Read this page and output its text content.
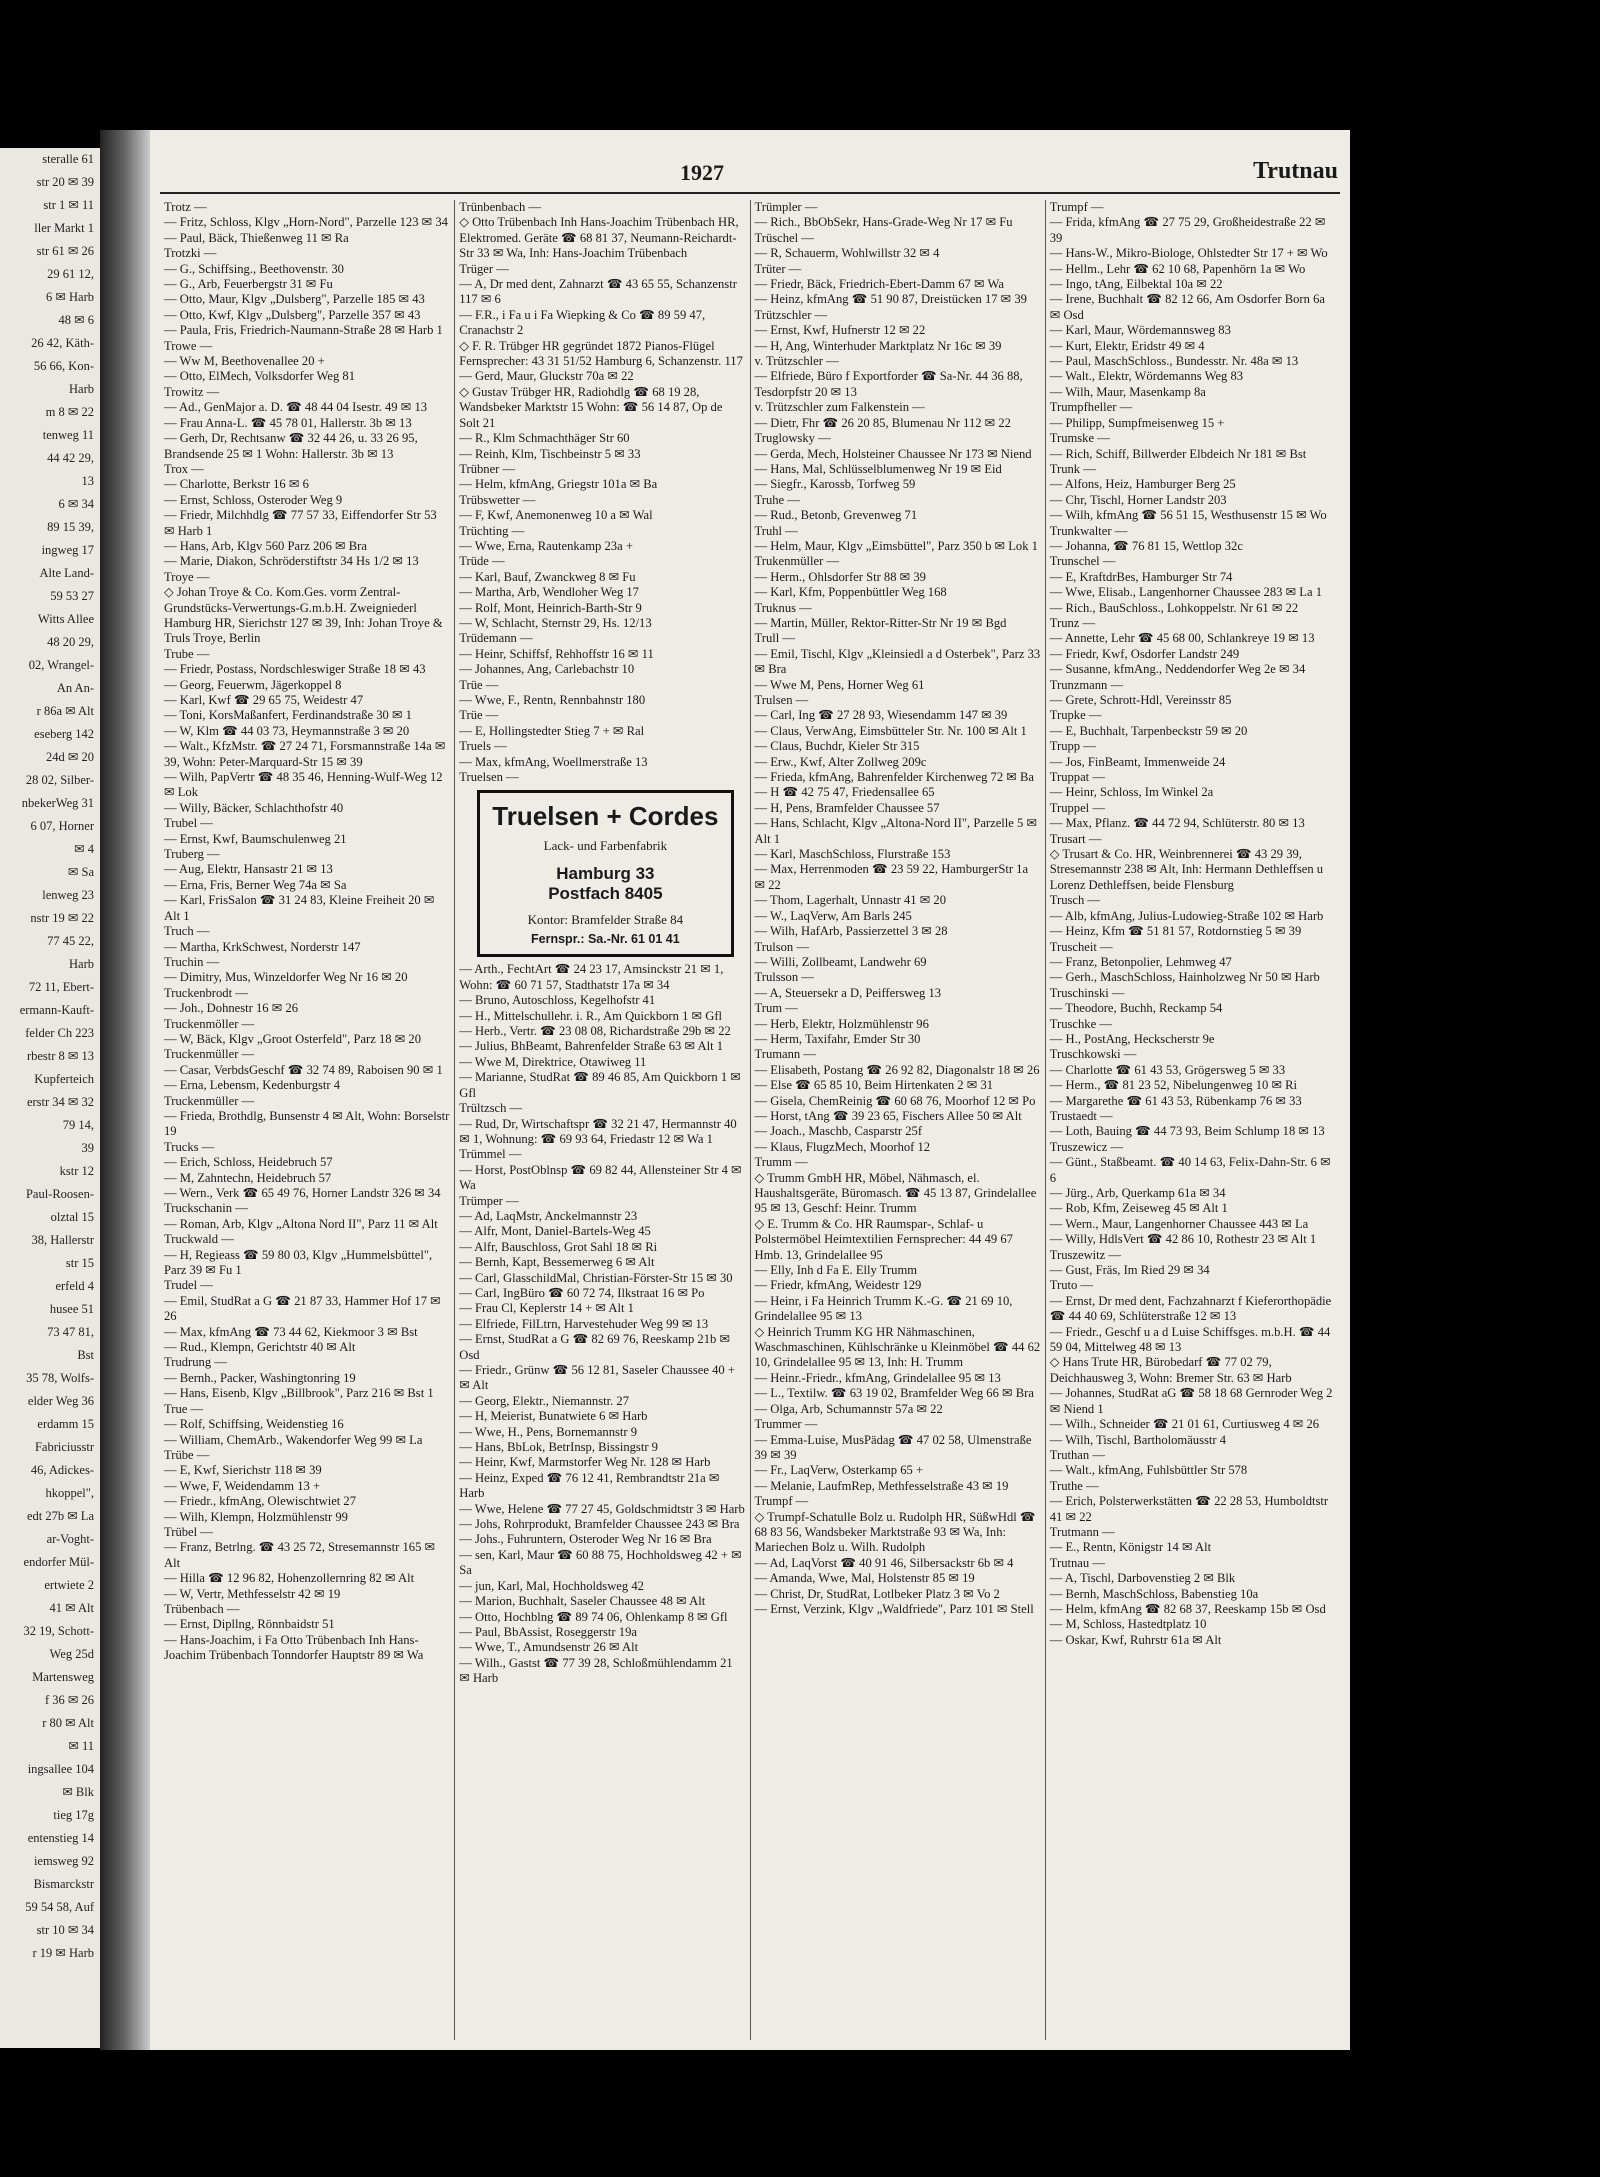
steralle 61
str 20 ✉ 39
str 1 ✉ 11
ller Markt 1
str 61 ✉ 26
29 61 12,
6 ✉ Harb
48 ✉ 6
26 42, Käth-
56 66, Kon-
Harb
m 8 ✉ 22
tenweg 11
44 42 29,
13
6 ✉ 34
89 15 39,
ingweg 17
Alte Land-
59 53 27
Witts Allee
48 20 29,
02, Wrangel-
An An-
r 86a ✉ Alt
eseberg 142
24d ✉ 20
28 02, Silber-
nbekerWeg 31
6 07, Horner
✉ 4
✉ Sa
lenweg 23
nstr 19 ✉ 22
77 45 22,
Harb
72 11, Ebert-
ermann-Kauft-
felder Ch 223
rbestr 8 ✉ 13
Kupferteich
erstr 34 ✉ 32
79 14,
39
kstr 12
Paul-Roosen-
olztal 15
38, Hallerstr
str 15
erfeld 4
husee 51
73 47 81,
Bst
35 78, Wolfs-
elder Weg 36
erdamm 15
Fabriciusstr
46, Adickes-
hkoppel",
edt 27b ✉ La
ar-Voght-
endorfer Mül-
ertwiete 2
41 ✉ Alt
32 19, Schott-
Weg 25d
Martensweg
f 36 ✉ 26
r 80 ✉ Alt
✉ 11
ingsallee 104
✉ Blk
tieg 17g
entenstieg 14
iemsweg 92
Bismarckstr
59 54 58, Auf
str 10 ✉ 34
r 19 ✉ Harb
1927	Trutnau

Trotz —

— Fritz, Schloss, Klgv „Horn-Nord", Parzelle 123 ✉ 34

— Paul, Bäck, Thießenweg 11 ✉ Ra

Trotzki —

— G., Schiffsing., Beethovenstr. 30

— G., Arb, Feuerbergstr 31 ✉ Fu

— Otto, Maur, Klgv „Dulsberg", Parzelle 185 ✉ 43

— Otto, Kwf, Klgv „Dulsberg", Parzelle 357 ✉ 43

— Paula, Fris, Friedrich-Naumann-Straße 28 ✉ Harb 1

Trowe —

— Ww M, Beethovenallee 20 +

— Otto, ElMech, Volksdorfer Weg 81

Trowitz —

— Ad., GenMajor a. D. ☎ 48 44 04 Isestr. 49 ✉ 13

— Frau Anna-L. ☎ 45 78 01, Hallerstr. 3b ✉ 13

— Gerh, Dr, Rechtsanw ☎ 32 44 26, u. 33 26 95, Brandsende 25 ✉ 1 Wohn: Hallerstr. 3b ✉ 13

Trox —

— Charlotte, Berkstr 16 ✉ 6

— Ernst, Schloss, Osteroder Weg 9

— Friedr, Milchhdlg ☎ 77 57 33, Eiffendorfer Str 53 ✉ Harb 1

— Hans, Arb, Klgv 560 Parz 206 ✉ Bra

— Marie, Diakon, Schröderstiftstr 34 Hs 1/2 ✉ 13

Troye —

◇ Johan Troye & Co. Kom.Ges. vorm Zentral-Grundstücks-Verwertungs-G.m.b.H. Zweigniederl Hamburg HR, Sierichstr 127 ✉ 39, Inh: Johan Troye & Truls Troye, Berlin

Trube —

— Friedr, Postass, Nordschleswiger Straße 18 ✉ 43

— Georg, Feuerwm, Jägerkoppel 8

— Karl, Kwf ☎ 29 65 75, Weidestr 47

— Toni, KorsMaßanfert, Ferdinandstraße 30 ✉ 1

— W, Klm ☎ 44 03 73, Heymannstraße 3 ✉ 20

— Walt., KfzMstr. ☎ 27 24 71, Forsmannstraße 14a ✉ 39, Wohn: Peter-Marquard-Str 15 ✉ 39

— Wilh, PapVertr ☎ 48 35 46, Henning-Wulf-Weg 12 ✉ Lok

— Willy, Bäcker, Schlachthofstr 40

Trubel —

— Ernst, Kwf, Baumschulenweg 21

Truberg —

— Aug, Elektr, Hansastr 21 ✉ 13

— Erna, Fris, Berner Weg 74a ✉ Sa

— Karl, FrisSalon ☎ 31 24 83, Kleine Freiheit 20 ✉ Alt 1

Truch —

— Martha, KrkSchwest, Norderstr 147

Truchin —

— Dimitry, Mus, Winzeldorfer Weg Nr 16 ✉ 20

Truckenbrodt —

— Joh., Dohnestr 16 ✉ 26

Truckenmöller —

— W, Bäck, Klgv „Groot Osterfeld", Parz 18 ✉ 20

Truckenmüller —

— Casar, VerbdsGeschf ☎ 32 74 89, Raboisen 90 ✉ 1

— Erna, Lebensm, Kedenburgstr 4

Truckenmüller —

— Frieda, Brothdlg, Bunsenstr 4 ✉ Alt, Wohn: Borselstr 19

Trucks —

— Erich, Schloss, Heidebruch 57

— M, Zahntechn, Heidebruch 57

— Wern., Verk ☎ 65 49 76, Horner Landstr 326 ✉ 34

Truckschanin —

— Roman, Arb, Klgv „Altona Nord II", Parz 11 ✉ Alt

Truckwald —

— H, Regieass ☎ 59 80 03, Klgv „Hummelsbüttel", Parz 39 ✉ Fu 1

Trudel —

— Emil, StudRat a G ☎ 21 87 33, Hammer Hof 17 ✉ 26

— Max, kfmAng ☎ 73 44 62, Kiekmoor 3 ✉ Bst

— Rud., Klempn, Gerichtstr 40 ✉ Alt

Trudrung —

— Bernh., Packer, Washingtonring 19

— Hans, Eisenb, Klgv „Billbrook", Parz 216 ✉ Bst 1

True —

— Rolf, Schiffsing, Weidenstieg 16

— William, ChemArb., Wakendorfer Weg 99 ✉ La

Trübe —

— E, Kwf, Sierichstr 118 ✉ 39

— Wwe, F, Weidendamm 13 +

— Friedr., kfmAng, Olewischtwiet 27

— Wilh, Klempn, Holzmühlenstr 99

Trübel —

— Franz, Betrlng. ☎ 43 25 72, Stresemannstr 165 ✉ Alt

— Hilla ☎ 12 96 82, Hohenzollernring 82 ✉ Alt

— W, Vertr, Methfesselstr 42 ✉ 19

Trübenbach —

— Ernst, Dipllng, Rönnbaidstr 51

— Hans-Joachim, i Fa Otto Trübenbach Inh Hans-Joachim Trübenbach Tonndorfer Hauptstr 89 ✉ Wa

Trünbenbach —

◇ Otto Trübenbach Inh Hans-Joachim Trübenbach HR, Elektromed. Geräte ☎ 68 81 37, Neumann-Reichardt-Str 33 ✉ Wa, Inh: Hans-Joachim Trübenbach

Trüger —

— A, Dr med dent, Zahnarzt ☎ 43 65 55, Schanzenstr 117 ✉ 6

— F.R., i Fa u i Fa Wiepking & Co ☎ 89 59 47, Cranachstr 2

◇ F. R. Trübger HR gegründet 1872 Pianos-Flügel Fernsprecher: 43 31 51/52 Hamburg 6, Schanzenstr. 117

— Gerd, Maur, Gluckstr 70a ✉ 22

◇ Gustav Trübger HR, Radiohdlg ☎ 68 19 28, Wandsbeker Marktstr 15 Wohn: ☎ 56 14 87, Op de Solt 21

— R., Klm Schmachthäger Str 60

— Reinh, Klm, Tischbeinstr 5 ✉ 33

Trübner —

— Helm, kfmAng, Griegstr 101a ✉ Ba

Trübswetter —

— F, Kwf, Anemonenweg 10 a ✉ Wal

Trüchting —

— Wwe, Erna, Rautenkamp 23a +

Trüde —

— Karl, Bauf, Zwanckweg 8 ✉ Fu

— Martha, Arb, Wendloher Weg 17

— Rolf, Mont, Heinrich-Barth-Str 9

— W, Schlacht, Sternstr 29, Hs. 12/13

Trüdemann —

— Heinr, Schiffsf, Rehhoffstr 16 ✉ 11

— Johannes, Ang, Carlebachstr 10

Trüe —

— Wwe, F., Rentn, Rennbahnstr 180

Trüe —

— E, Hollingstedter Stieg 7 + ✉ Ral

Truels —

— Max, kfmAng, Woellmerstraße 13

Truelsen —

Truelsen + Cordes
Lack- und Farbenfabrik
Hamburg 33
Postfach 8405
Kontor: Bramfelder Straße 84
Fernspr.: Sa.-Nr. 61 01 41

— Arth., FechtArt ☎ 24 23 17, Amsinckstr 21 ✉ 1, Wohn: ☎ 60 71 57, Stadthatstr 17a ✉ 34

— Bruno, Autoschloss, Kegelhofstr 41

— H., Mittelschullehr. i. R., Am Quickborn 1 ✉ Gfl

— Herb., Vertr. ☎ 23 08 08, Richardstraße 29b ✉ 22

— Julius, BhBeamt, Bahrenfelder Straße 63 ✉ Alt 1

— Wwe M, Direktrice, Otawiweg 11

— Marianne, StudRat ☎ 89 46 85, Am Quickborn 1 ✉ Gfl

Trültzsch —

— Rud, Dr, Wirtschaftspr ☎ 32 21 47, Hermannstr 40 ✉ 1, Wohnung: ☎ 69 93 64, Friedastr 12 ✉ Wa 1

Trümmel —

— Horst, PostOblnsp ☎ 69 82 44, Allensteiner Str 4 ✉ Wa

Trümper —

— Ad, LaqMstr, Anckelmannstr 23

— Alfr, Mont, Daniel-Bartels-Weg 45

— Alfr, Bauschloss, Grot Sahl 18 ✉ Ri

— Bernh, Kapt, Bessemerweg 6 ✉ Alt

— Carl, GlasschildMal, Christian-Förster-Str 15 ✉ 30

— Carl, IngBüro ☎ 60 72 74, Ilkstraat 16 ✉ Po

— Frau Cl, Keplerstr 14 + ✉ Alt 1

— Elfriede, FilLtrn, Harvestehuder Weg 99 ✉ 13

— Ernst, StudRat a G ☎ 82 69 76, Reeskamp 21b ✉ Osd

— Friedr., Grünw ☎ 56 12 81, Saseler Chaussee 40 + ✉ Alt

— Georg, Elektr., Niemannstr. 27

— H, Meierist, Bunatwiete 6 ✉ Harb

— Wwe, H., Pens, Bornemannstr 9

— Hans, BbLok, BetrInsp, Bissingstr 9

— Heinr, Kwf, Marmstorfer Weg Nr. 128 ✉ Harb

— Heinz, Exped ☎ 76 12 41, Rembrandtstr 21a ✉ Harb

— Wwe, Helene ☎ 77 27 45, Goldschmidtstr 3 ✉ Harb

— Johs, Rohrprodukt, Bramfelder Chaussee 243 ✉ Bra

— Johs., Fuhruntern, Osteroder Weg Nr 16 ✉ Bra

— sen, Karl, Maur ☎ 60 88 75, Hochholdsweg 42 + ✉ Sa

— jun, Karl, Mal, Hochholdsweg 42

— Marion, Buchhalt, Saseler Chaussee 48 ✉ Alt

— Otto, Hochblng ☎ 89 74 06, Ohlenkamp 8 ✉ Gfl

— Paul, BbAssist, Roseggerstr 19a

— Wwe, T., Amundsenstr 26 ✉ Alt

— Wilh., Gastst ☎ 77 39 28, Schloßmühlendamm 21 ✉ Harb

Trümpler —

— Rich., BbObSekr, Hans-Grade-Weg Nr 17 ✉ Fu

Trüschel —

— R, Schauerm, Wohlwillstr 32 ✉ 4

Trüter —

— Friedr, Bäck, Friedrich-Ebert-Damm 67 ✉ Wa

— Heinz, kfmAng ☎ 51 90 87, Dreistücken 17 ✉ 39

Trützschler —

— Ernst, Kwf, Hufnerstr 12 ✉ 22

— H, Ang, Winterhuder Marktplatz Nr 16c ✉ 39

v. Trützschler —

— Elfriede, Büro f Exportforder ☎ Sa-Nr. 44 36 88, Tesdorpfstr 20 ✉ 13

v. Trützschler zum Falkenstein —

— Dietr, Fhr ☎ 26 20 85, Blumenau Nr 112 ✉ 22

Truglowsky —

— Gerda, Mech, Holsteiner Chaussee Nr 173 ✉ Niend

— Hans, Mal, Schlüsselblumenweg Nr 19 ✉ Eid

— Siegfr., Karossb, Torfweg 59

Truhe —

— Rud., Betonb, Grevenweg 71

Truhl —

— Helm, Maur, Klgv „Eimsbüttel", Parz 350 b ✉ Lok 1

Trukenmüller —

— Herm., Ohlsdorfer Str 88 ✉ 39

— Karl, Kfm, Poppenbüttler Weg 168

Truknus —

— Martin, Müller, Rektor-Ritter-Str Nr 19 ✉ Bgd

Trull —

— Emil, Tischl, Klgv „Kleinsiedl a d Osterbek", Parz 33 ✉ Bra

— Wwe M, Pens, Horner Weg 61

Trulsen —

— Carl, Ing ☎ 27 28 93, Wiesendamm 147 ✉ 39

— Claus, VerwAng, Eimsbütteler Str. Nr. 100 ✉ Alt 1

— Claus, Buchdr, Kieler Str 315

— Erw., Kwf, Alter Zollweg 209c

— Frieda, kfmAng, Bahrenfelder Kirchenweg 72 ✉ Ba

— H ☎ 42 75 47, Friedensallee 65

— H, Pens, Bramfelder Chaussee 57

— Hans, Schlacht, Klgv „Altona-Nord II", Parzelle 5 ✉ Alt 1

— Karl, MaschSchloss, Flurstraße 153

— Max, Herrenmoden ☎ 23 59 22, HamburgerStr 1a ✉ 22

— Thom, Lagerhalt, Unnastr 41 ✉ 20

— W., LaqVerw, Am Barls 245

— Wilh, HafArb, Passierzettel 3 ✉ 28

Trulson —

— Willi, Zollbeamt, Landwehr 69

Trulsson —

— A, Steuersekr a D, Peiffersweg 13

Trum —

— Herb, Elektr, Holzmühlenstr 96

— Herm, Taxifahr, Emder Str 30

Trumann —

— Elisabeth, Postang ☎ 26 92 82, Diagonalstr 18 ✉ 26

— Else ☎ 65 85 10, Beim Hirtenkaten 2 ✉ 31

— Gisela, ChemReinig ☎ 60 68 76, Moorhof 12 ✉ Po

— Horst, tAng ☎ 39 23 65, Fischers Allee 50 ✉ Alt

— Joach., Maschb, Casparstr 25f

— Klaus, FlugzMech, Moorhof 12

Trumm —

◇ Trumm GmbH HR, Möbel, Nähmasch, el. Haushaltsgeräte, Büromasch. ☎ 45 13 87, Grindelallee 95 ✉ 13, Geschf: Heinr. Trumm

◇ E. Trumm & Co. HR Raumspar-, Schlaf- u Polstermöbel Heimtextilien Fernsprecher: 44 49 67 Hmb. 13, Grindelallee 95

— Elly, Inh d Fa E. Elly Trumm

— Friedr, kfmAng, Weidestr 129

— Heinr, i Fa Heinrich Trumm K.-G. ☎ 21 69 10, Grindelallee 95 ✉ 13

◇ Heinrich Trumm KG HR Nähmaschinen, Waschmaschinen, Kühlschränke u Kleinmöbel ☎ 44 62 10, Grindelallee 95 ✉ 13, Inh: H. Trumm

— Heinr.-Friedr., kfmAng, Grindelallee 95 ✉ 13

— L., Textilw. ☎ 63 19 02, Bramfelder Weg 66 ✉ Bra

— Olga, Arb, Schumannstr 57a ✉ 22

Trummer —

— Emma-Luise, MusPädag ☎ 47 02 58, Ulmenstraße 39 ✉ 39

— Fr., LaqVerw, Osterkamp 65 +

— Melanie, LaufmRep, Methfesselstraße 43 ✉ 19

Trumpf —

◇ Trumpf-Schatulle Bolz u. Rudolph HR, SüßwHdl ☎ 68 83 56, Wandsbeker Marktstraße 93 ✉ Wa, Inh: Mariechen Bolz u. Wilh. Rudolph

— Ad, LaqVorst ☎ 40 91 46, Silbersackstr 6b ✉ 4

— Amanda, Wwe, Mal, Holstenstr 85 ✉ 19

— Christ, Dr, StudRat, Lotlbeker Platz 3 ✉ Vo 2

— Ernst, Verzink, Klgv „Waldfriede", Parz 101 ✉ Stell

Trumpf —

— Frida, kfmAng ☎ 27 75 29, Großheidestraße 22 ✉ 39

— Hans-W., Mikro-Biologe, Ohlstedter Str 17 + ✉ Wo

— Hellm., Lehr ☎ 62 10 68, Papenhörn 1a ✉ Wo

— Ingo, tAng, Eilbektal 10a ✉ 22

— Irene, Buchhalt ☎ 82 12 66, Am Osdorfer Born 6a ✉ Osd

— Karl, Maur, Wördemannsweg 83

— Kurt, Elektr, Eridstr 49 ✉ 4

— Paul, MaschSchloss., Bundesstr. Nr. 48a ✉ 13

— Walt., Elektr, Wördemanns Weg 83

— Wilh, Maur, Masenkamp 8a

Trumpfheller —

— Philipp, Sumpfmeisenweg 15 +

Trumske —

— Rich, Schiff, Billwerder Elbdeich Nr 181 ✉ Bst

Trunk —

— Alfons, Heiz, Hamburger Berg 25

— Chr, Tischl, Horner Landstr 203

— Wilh, kfmAng ☎ 56 51 15, Westhusenstr 15 ✉ Wo

Trunkwalter —

— Johanna, ☎ 76 81 15, Wettlop 32c

Trunschel —

— E, KraftdrBes, Hamburger Str 74

— Wwe, Elisab., Langenhorner Chaussee 283 ✉ La 1

— Rich., BauSchloss., Lohkoppelstr. Nr 61 ✉ 22

Trunz —

— Annette, Lehr ☎ 45 68 00, Schlankreye 19 ✉ 13

— Friedr, Kwf, Osdorfer Landstr 249

— Susanne, kfmAng., Neddendorfer Weg 2e ✉ 34

Trunzmann —

— Grete, Schrott-Hdl, Vereinsstr 85

Trupke —

— E, Buchhalt, Tarpenbeckstr 59 ✉ 20

Trupp —

— Jos, FinBeamt, Immenweide 24

Truppat —

— Heinr, Schloss, Im Winkel 2a

Truppel —

— Max, Pflanz. ☎ 44 72 94, Schlüterstr. 80 ✉ 13

Trusart —

◇ Trusart & Co. HR, Weinbrennerei ☎ 43 29 39, Stresemannstr 238 ✉ Alt, Inh: Hermann Dethleffsen u Lorenz Dethleffsen, beide Flensburg

Trusch —

— Alb, kfmAng, Julius-Ludowieg-Straße 102 ✉ Harb

— Heinz, Kfm ☎ 51 81 57, Rotdornstieg 5 ✉ 39

Truscheit —

— Franz, Betonpolier, Lehmweg 47

— Gerh., MaschSchloss, Hainholzweg Nr 50 ✉ Harb

Truschinski —

— Theodore, Buchh, Reckamp 54

Truschke —

— H., PostAng, Heckscherstr 9e

Truschkowski —

— Charlotte ☎ 61 43 53, Grögersweg 5 ✉ 33

— Herm., ☎ 81 23 52, Nibelungenweg 10 ✉ Ri

— Margarethe ☎ 61 43 53, Rübenkamp 76 ✉ 33

Trustaedt —

— Loth, Bauing ☎ 44 73 93, Beim Schlump 18 ✉ 13

Truszewicz —

— Günt., Staßbeamt. ☎ 40 14 63, Felix-Dahn-Str. 6 ✉ 6

— Jürg., Arb, Querkamp 61a ✉ 34

— Rob, Kfm, Zeiseweg 45 ✉ Alt 1

— Wern., Maur, Langenhorner Chaussee 443 ✉ La

— Willy, HdlsVert ☎ 42 86 10, Rothestr 23 ✉ Alt 1

Truszewitz —

— Gust, Fräs, Im Ried 29 ✉ 34

Truto —

— Ernst, Dr med dent, Fachzahnarzt f Kieferorthopädie ☎ 44 40 69, Schlüterstraße 12 ✉ 13

— Friedr., Geschf u a d Luise Schiffsges. m.b.H. ☎ 44 59 04, Mittelweg 48 ✉ 13

◇ Hans Trute HR, Bürobedarf ☎ 77 02 79, Deichhausweg 3, Wohn: Bremer Str. 63 ✉ Harb

— Johannes, StudRat aG ☎ 58 18 68 Gernroder Weg 2 ✉ Niend 1

— Wilh., Schneider ☎ 21 01 61, Curtiusweg 4 ✉ 26

— Wilh, Tischl, Bartholomäusstr 4

Truthan —

— Walt., kfmAng, Fuhlsbüttler Str 578

Truthe —

— Erich, Polsterwerkstätten ☎ 22 28 53, Humboldtstr 41 ✉ 22

Trutmann —

— E., Rentn, Königstr 14 ✉ Alt

Trutnau —

— A, Tischl, Darbovenstieg 2 ✉ Blk

— Bernh, MaschSchloss, Babenstieg 10a

— Helm, kfmAng ☎ 82 68 37, Reeskamp 15b ✉ Osd

— M, Schloss, Hastedtplatz 10

— Oskar, Kwf, Ruhrstr 61a ✉ Alt
